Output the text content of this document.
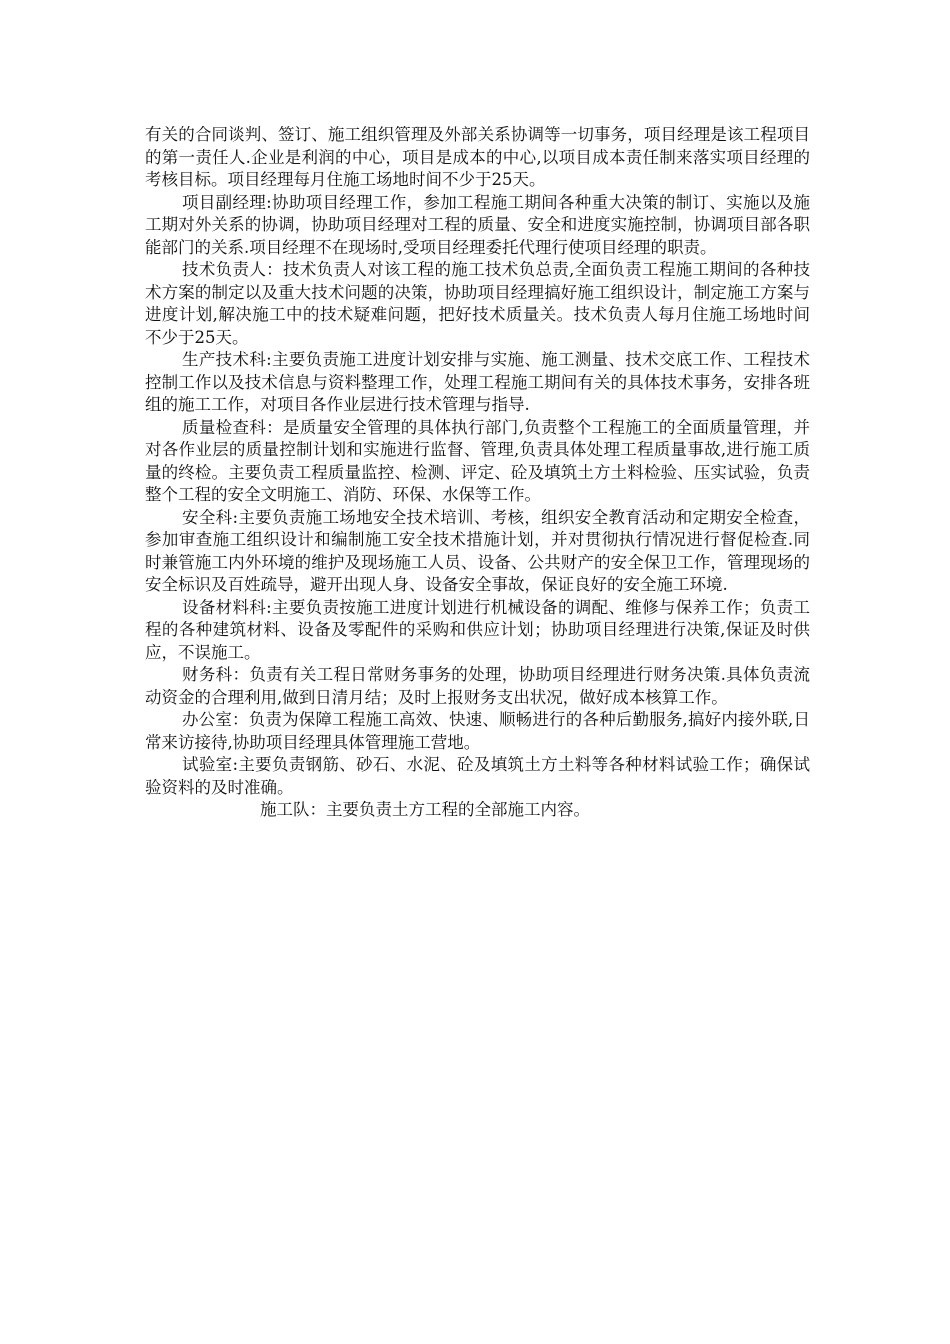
有关的合同谈判、签订、施工组织管理及外部关系协调等一切事务，项目经理是该工程项目的第一责任人.企业是利润的中心，项目是成本的中心,以项目成本责任制来落实项目经理的考核目标。项目经理每月住施工场地时间不少于25天。

项目副经理:协助项目经理工作，参加工程施工期间各种重大决策的制订、实施以及施工期对外关系的协调，协助项目经理对工程的质量、安全和进度实施控制，协调项目部各职能部门的关系.项目经理不在现场时,受项目经理委托代理行使项目经理的职责。

技术负责人：技术负责人对该工程的施工技术负总责,全面负责工程施工期间的各种技术方案的制定以及重大技术问题的决策，协助项目经理搞好施工组织设计，制定施工方案与进度计划,解决施工中的技术疑难问题，把好技术质量关。技术负责人每月住施工场地时间不少于25天。

生产技术科:主要负责施工进度计划安排与实施、施工测量、技术交底工作、工程技术控制工作以及技术信息与资料整理工作，处理工程施工期间有关的具体技术事务，安排各班组的施工工作，对项目各作业层进行技术管理与指导.

质量检查科：是质量安全管理的具体执行部门,负责整个工程施工的全面质量管理，并对各作业层的质量控制计划和实施进行监督、管理,负责具体处理工程质量事故,进行施工质量的终检。主要负责工程质量监控、检测、评定、砼及填筑土方土料检验、压实试验，负责整个工程的安全文明施工、消防、环保、水保等工作。

安全科:主要负责施工场地安全技术培训、考核，组织安全教育活动和定期安全检查，参加审查施工组织设计和编制施工安全技术措施计划，并对贯彻执行情况进行督促检查.同时兼管施工内外环境的维护及现场施工人员、设备、公共财产的安全保卫工作，管理现场的安全标识及百姓疏导，避开出现人身、设备安全事故，保证良好的安全施工环境.

设备材料科:主要负责按施工进度计划进行机械设备的调配、维修与保养工作；负责工程的各种建筑材料、设备及零配件的采购和供应计划；协助项目经理进行决策,保证及时供应，不误施工。

财务科：负责有关工程日常财务事务的处理，协助项目经理进行财务决策.具体负责流动资金的合理利用,做到日清月结；及时上报财务支出状况，做好成本核算工作。

办公室：负责为保障工程施工高效、快速、顺畅进行的各种后勤服务,搞好内接外联,日常来访接待,协助项目经理具体管理施工营地。

试验室:主要负责钢筋、砂石、水泥、砼及填筑土方土料等各种材料试验工作；确保试验资料的及时准确。

施工队：主要负责土方工程的全部施工内容。
